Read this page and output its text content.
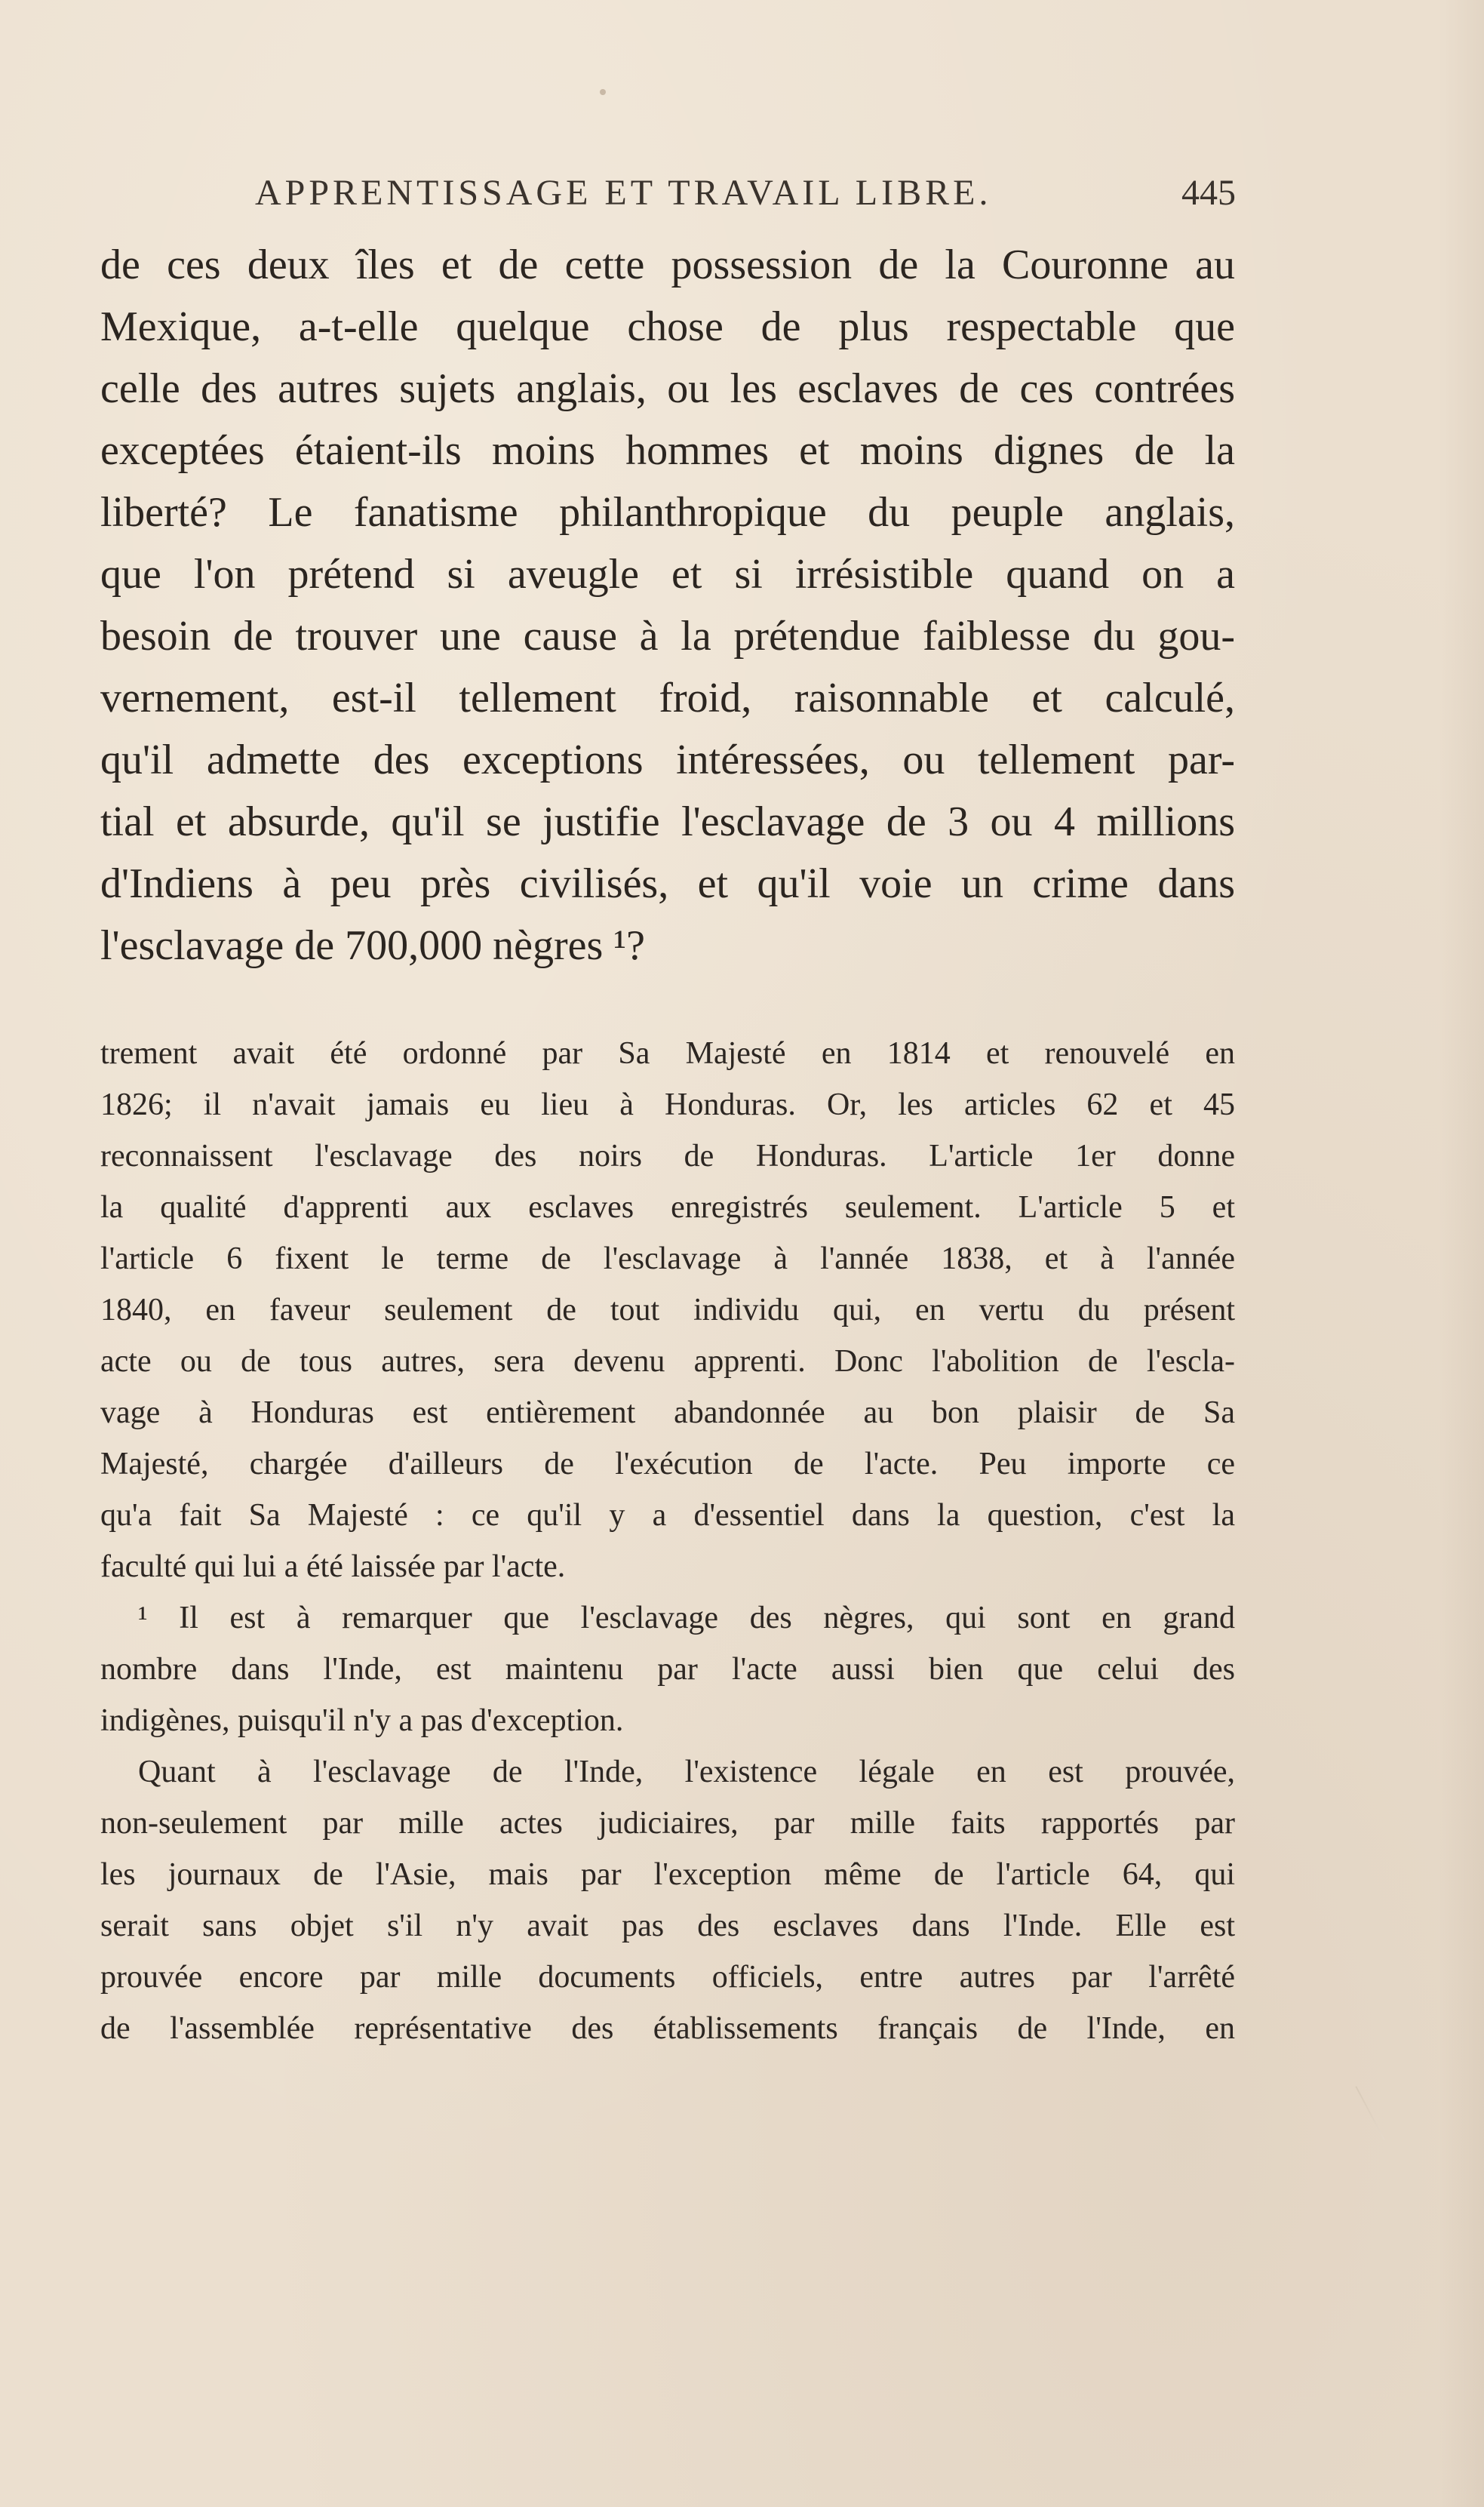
APPRENTISSAGE ET TRAVAIL LIBRE.	445
de ces deux îles et de cette possession de la Couronne au
Mexique, a-t-elle quelque chose de plus respectable que
celle des autres sujets anglais, ou les esclaves de ces contrées
exceptées étaient-ils moins hommes et moins dignes de la
liberté? Le fanatisme philanthropique du peuple anglais,
que l'on prétend si aveugle et si irrésistible quand on a
besoin de trouver une cause à la prétendue faiblesse du gou-
vernement, est-il tellement froid, raisonnable et calculé,
qu'il admette des exceptions intéressées, ou tellement par-
tial et absurde, qu'il se justifie l'esclavage de 3 ou 4 millions
d'Indiens à peu près civilisés, et qu'il voie un crime dans
l'esclavage de 700,000 nègres ¹?
trement avait été ordonné par Sa Majesté en 1814 et renouvelé en
1826; il n'avait jamais eu lieu à Honduras. Or, les articles 62 et 45
reconnaissent l'esclavage des noirs de Honduras. L'article 1er donne
la qualité d'apprenti aux esclaves enregistrés seulement. L'article 5 et
l'article 6 fixent le terme de l'esclavage à l'année 1838, et à l'année
1840, en faveur seulement de tout individu qui, en vertu du présent
acte ou de tous autres, sera devenu apprenti. Donc l'abolition de l'escla-
vage à Honduras est entièrement abandonnée au bon plaisir de Sa
Majesté, chargée d'ailleurs de l'exécution de l'acte. Peu importe ce
qu'a fait Sa Majesté : ce qu'il y a d'essentiel dans la question, c'est la
faculté qui lui a été laissée par l'acte.
¹ Il est à remarquer que l'esclavage des nègres, qui sont en grand
nombre dans l'Inde, est maintenu par l'acte aussi bien que celui des
indigènes, puisqu'il n'y a pas d'exception.
Quant à l'esclavage de l'Inde, l'existence légale en est prouvée,
non-seulement par mille actes judiciaires, par mille faits rapportés par
les journaux de l'Asie, mais par l'exception même de l'article 64, qui
serait sans objet s'il n'y avait pas des esclaves dans l'Inde. Elle est
prouvée encore par mille documents officiels, entre autres par l'arrêté
de l'assemblée représentative des établissements français de l'Inde, en
